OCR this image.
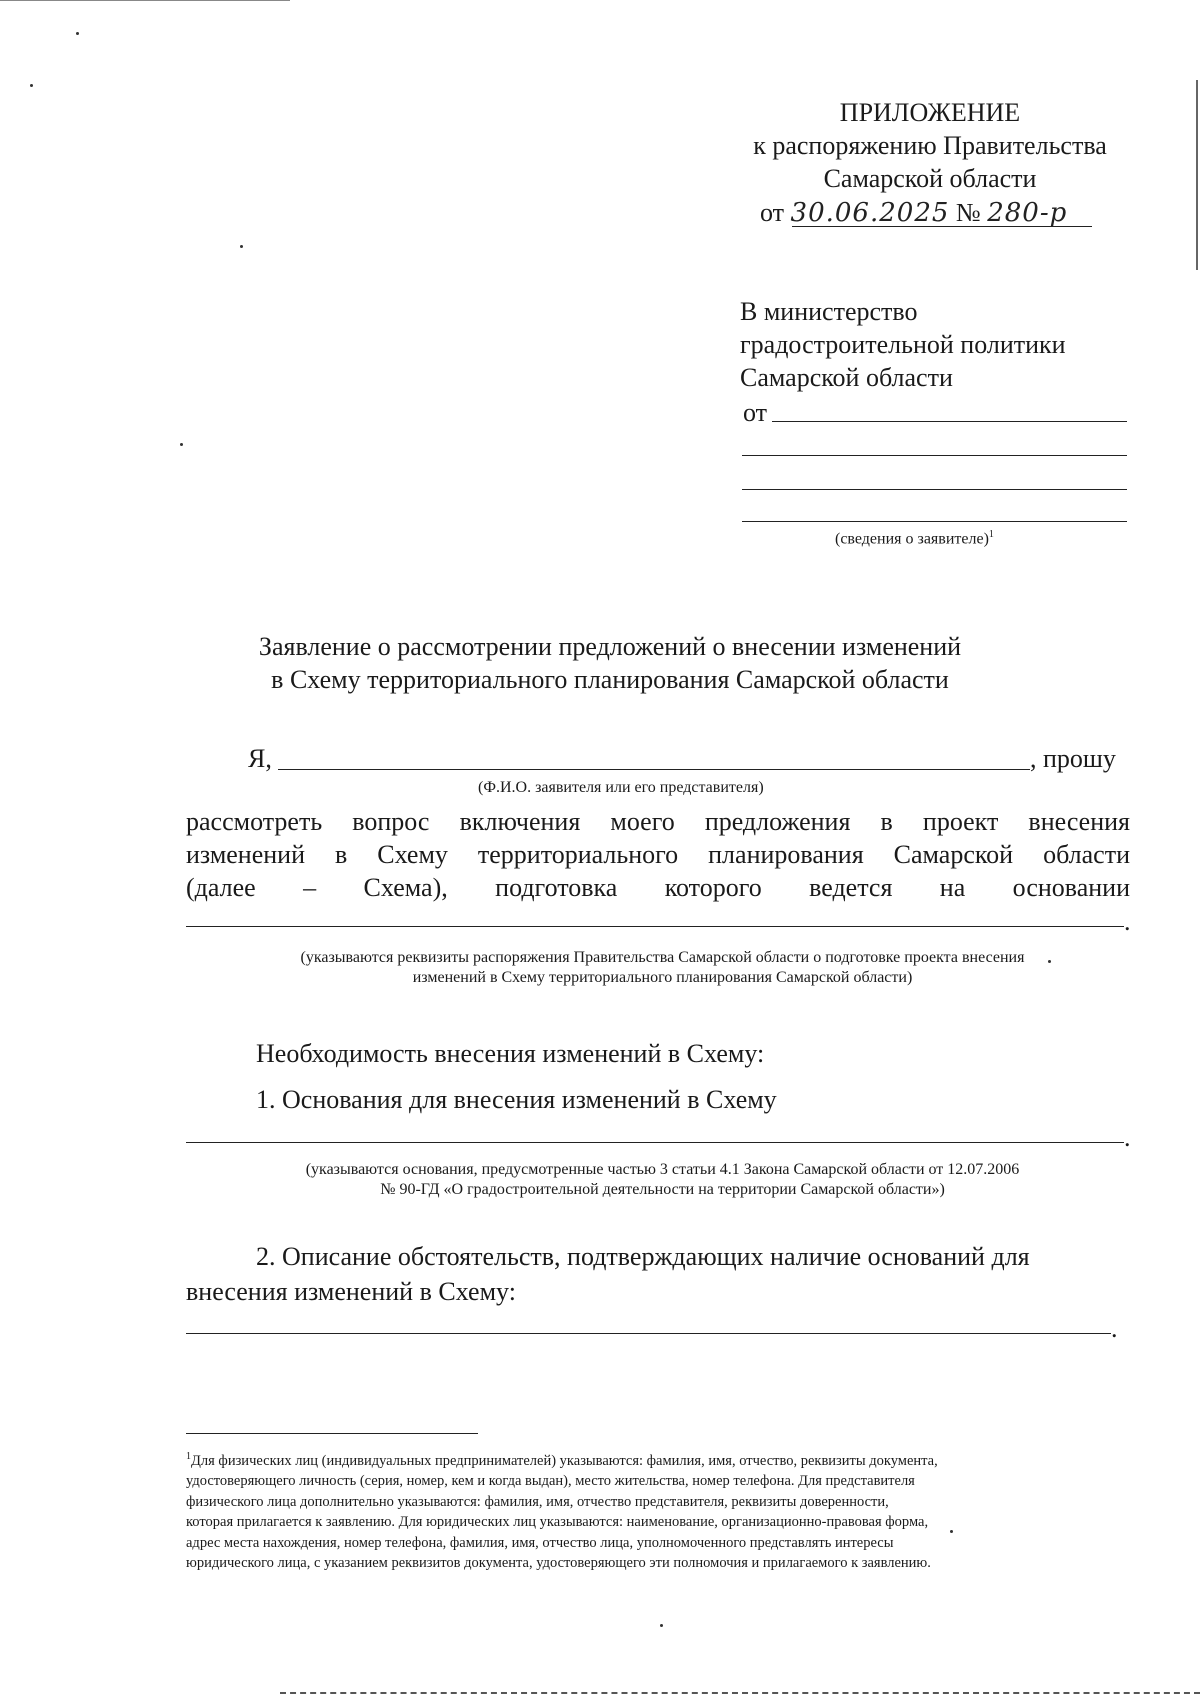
ПРИЛОЖЕНИЕ
к распоряжению Правительства
Самарской области
от 30.06.2025 № 280-р
В министерство
градостроительной политики
Самарской области
от
(сведения о заявителе)$^1$
Заявление о рассмотрении предложений о внесении изменений
в Схему территориального планирования Самарской области
Я,	, прошу
(Ф.И.О. заявителя или его представителя)
рассмотреть вопрос включения моего предложения в проект внесения
изменений в Схему территориального планирования Самарской области
(далее – Схема), подготовка которого ведется на основании
.
(указываются реквизиты распоряжения Правительства Самарской области о подготовке проекта внесения
изменений в Схему территориального планирования Самарской области)
Необходимость внесения изменений в Схему:
1. Основания для внесения изменений в Схему
.
(указываются основания, предусмотренные частью 3 статьи 4.1 Закона Самарской области от 12.07.2006
№ 90-ГД «О градостроительной деятельности на территории Самарской области»)
2. Описание обстоятельств, подтверждающих наличие оснований для
внесения изменений в Схему:
.
$^1$Для физических лиц (индивидуальных предпринимателей) указываются: фамилия, имя, отчество, реквизиты документа,
удостоверяющего личность (серия, номер, кем и когда выдан), место жительства, номер телефона. Для представителя
физического лица дополнительно указываются: фамилия, имя, отчество представителя, реквизиты доверенности,
которая прилагается к заявлению. Для юридических лиц указываются: наименование, организационно-правовая форма,
адрес места нахождения, номер телефона, фамилия, имя, отчество лица, уполномоченного представлять интересы
юридического лица, с указанием реквизитов документа, удостоверяющего эти полномочия и прилагаемого к заявлению.
